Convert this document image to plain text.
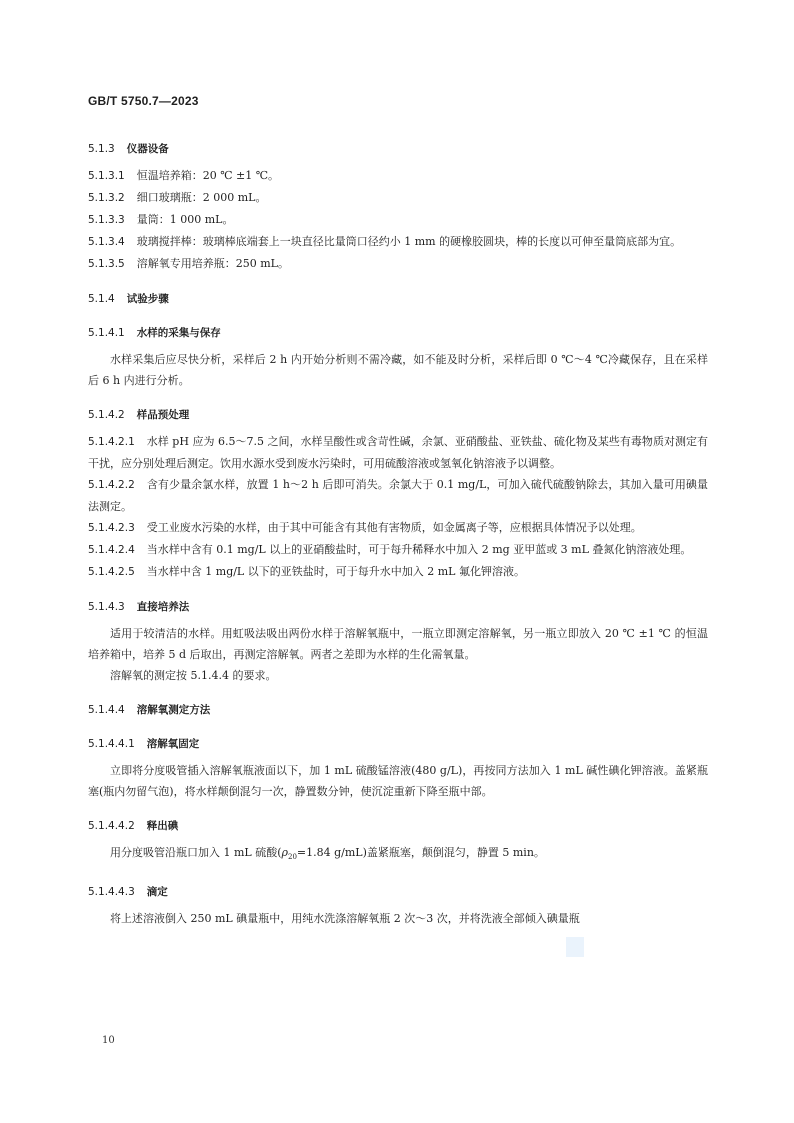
GB/T 5750.7—2023
5.1.3 仪器设备
5.1.3.1 恒温培养箱：20 ℃ ±1 ℃。
5.1.3.2 细口玻璃瓶：2 000 mL。
5.1.3.3 量筒：1 000 mL。
5.1.3.4 玻璃搅拌棒：玻璃棒底端套上一块直径比量筒口径约小 1 mm 的硬橡胶圆块，棒的长度以可伸至量筒底部为宜。
5.1.3.5 溶解氧专用培养瓶：250 mL。
5.1.4 试验步骤
5.1.4.1 水样的采集与保存
水样采集后应尽快分析，采样后 2 h 内开始分析则不需冷藏，如不能及时分析，采样后即 0 ℃～4 ℃冷藏保存，且在采样后 6 h 内进行分析。
5.1.4.2 样品预处理
5.1.4.2.1 水样 pH 应为 6.5～7.5 之间，水样呈酸性或含苛性碱，余氯、亚硝酸盐、亚铁盐、硫化物及某些有毒物质对测定有干扰，应分别处理后测定。饮用水源水受到废水污染时，可用硫酸溶液或氢氧化钠溶液予以调整。
5.1.4.2.2 含有少量余氯水样，放置 1 h～2 h 后即可消失。余氯大于 0.1 mg/L，可加入硫代硫酸钠除去，其加入量可用碘量法测定。
5.1.4.2.3 受工业废水污染的水样，由于其中可能含有其他有害物质，如金属离子等，应根据具体情况予以处理。
5.1.4.2.4 当水样中含有 0.1 mg/L 以上的亚硝酸盐时，可于每升稀释水中加入 2 mg 亚甲蓝或 3 mL 叠氮化钠溶液处理。
5.1.4.2.5 当水样中含 1 mg/L 以下的亚铁盐时，可于每升水中加入 2 mL 氟化钾溶液。
5.1.4.3 直接培养法
适用于较清洁的水样。用虹吸法吸出两份水样于溶解氧瓶中，一瓶立即测定溶解氧，另一瓶立即放入 20 ℃ ±1 ℃ 的恒温培养箱中，培养 5 d 后取出，再测定溶解氧。两者之差即为水样的生化需氧量。
溶解氧的测定按 5.1.4.4 的要求。
5.1.4.4 溶解氧测定方法
5.1.4.4.1 溶解氧固定
立即将分度吸管插入溶解氧瓶液面以下，加 1 mL 硫酸锰溶液(480 g/L)，再按同方法加入 1 mL 碱性碘化钾溶液。盖紧瓶塞(瓶内勿留气泡)，将水样颠倒混匀一次，静置数分钟，使沉淀重新下降至瓶中部。
5.1.4.4.2 释出碘
用分度吸管沿瓶口加入 1 mL 硫酸($\rho_{20}=1.84$ g/mL)盖紧瓶塞，颠倒混匀，静置 5 min。
5.1.4.4.3 滴定
将上述溶液倒入 250 mL 碘量瓶中，用纯水洗涤溶解氧瓶 2 次～3 次，并将洗液全部倾入碘量瓶
10
